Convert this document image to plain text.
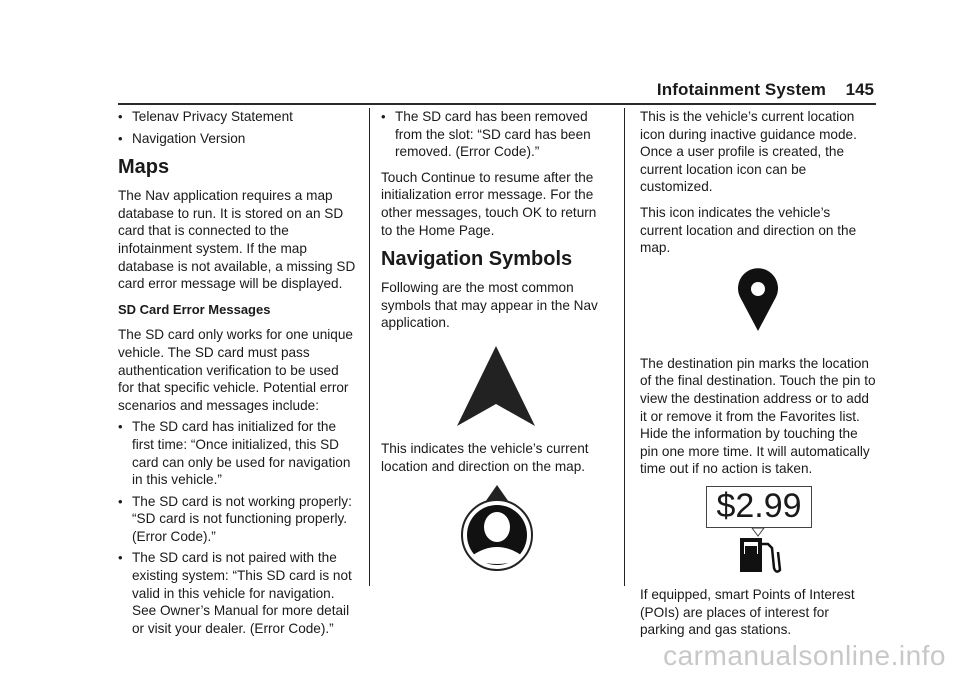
Infotainment System 145
• Telenav Privacy Statement
• Navigation Version
Maps

The Nav application requires a map database to run. It is stored on an SD card that is connected to the infotainment system. If the map database is not available, a missing SD card error message will be displayed.

SD Card Error Messages

The SD card only works for one unique vehicle. The SD card must pass authentication verification to be used for that specific vehicle. Potential error scenarios and messages include:

• The SD card has initialized for the first time: “Once initialized, this SD card can only be used for navigation in this vehicle.”
• The SD card is not working properly: “SD card is not functioning properly. (Error Code).”
• The SD card is not paired with the existing system: “This SD card is not valid in this vehicle for navigation. See Owner’s Manual for more detail or visit your dealer. (Error Code).”
• The SD card has been removed from the slot: “SD card has been removed. (Error Code).”

Touch Continue to resume after the initialization error message. For the other messages, touch OK to return to the Home Page.

Navigation Symbols

Following are the most common symbols that may appear in the Nav application.

This indicates the vehicle’s current location and direction on the map.

This is the vehicle’s current location icon during inactive guidance mode. Once a user profile is created, the current location icon can be customized.

This icon indicates the vehicle’s current location and direction on the map.

The destination pin marks the location of the final destination. Touch the pin to view the destination address or to add it or remove it from the Favorites list. Hide the information by touching the pin one more time. It will automatically time out if no action is taken.

$2.99

If equipped, smart Points of Interest (POIs) are places of interest for parking and gas stations.

carmanualsonline.info
